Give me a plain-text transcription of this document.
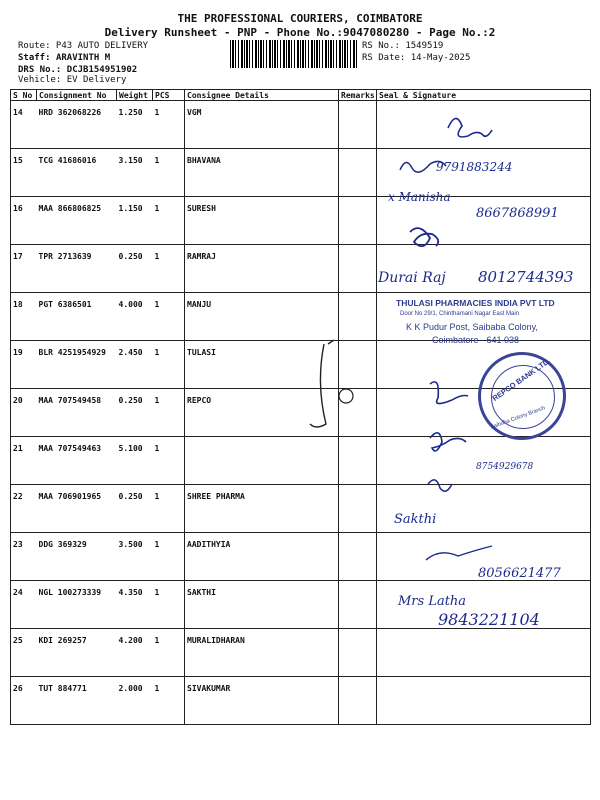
THE PROFESSIONAL COURIERS, COIMBATORE
Delivery Runsheet - PNP - Phone No.:9047080280 - Page No.:2
Route: P43 AUTO DELIVERY
Staff: ARAVINTH M
DRS No.: DCJB154951902
Vehicle: EV Delivery
RS No.: 1549519
RS Date: 14-May-2025
S No	Consignment No	Weight	PCS	Consignee Details	Remarks	Seal & Signature
14	HRD 362068226	1.250	1	VGM		
15	TCG 41686016	3.150	1	BHAVANA		
16	MAA 866806825	1.150	1	SURESH		
17	TPR 2713639	0.250	1	RAMRAJ		
18	PGT 6386501	4.000	1	MANJU		
19	BLR 4251954929	2.450	1	TULASI		
20	MAA 707549458	0.250	1	REPCO		
21	MAA 707549463	5.100	1			
22	MAA 706901965	0.250	1	SHREE PHARMA		
23	DDG 369329	3.500	1	AADITHYIA		
24	NGL 100273339	4.350	1	SAKTHI		
25	KDI 269257	4.200	1	MURALIDHARAN		
26	TUT 884771	2.000	1	SIVAKUMAR		
9791883244
x Manisha
8667868991
Durai Raj 8012744393
8754929678
Sakthi
8056621477
Mrs Latha
9843221104
THULASI PHARMACIES INDIA PVT LTD
Door No 29/1, Chinthamani Nagar East Main
K K Pudur Post, Saibaba Colony,
Coimbatore - 641 038
REPCO BANK LTD.
Saibaba Colony Branch
